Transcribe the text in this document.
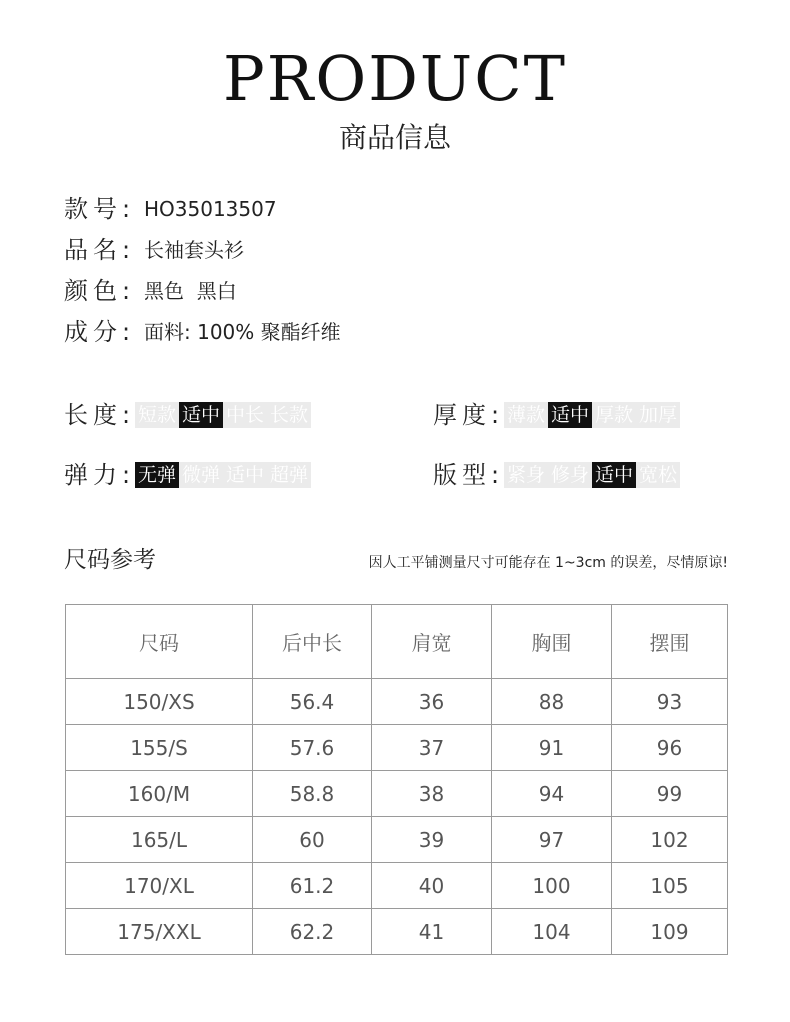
PRODUCT
商品信息
款号: HO35013507
品名: 长袖套头衫
颜色: 黑色  黑白
成分: 面料: 100% 聚酯纤维
长度: 短款 适中 中长 长款	厚度: 薄款 适中 厚款 加厚
弹力: 无弹 微弹 适中 超弹	版型: 紧身 修身 适中 宽松
尺码参考	因人工平铺测量尺寸可能存在 1~3cm 的误差，尽情原谅!
尺码	后中长	肩宽	胸围	摆围
150/XS	56.4	36	88	93
155/S	57.6	37	91	96
160/M	58.8	38	94	99
165/L	60	39	97	102
170/XL	61.2	40	100	105
175/XXL	62.2	41	104	109
